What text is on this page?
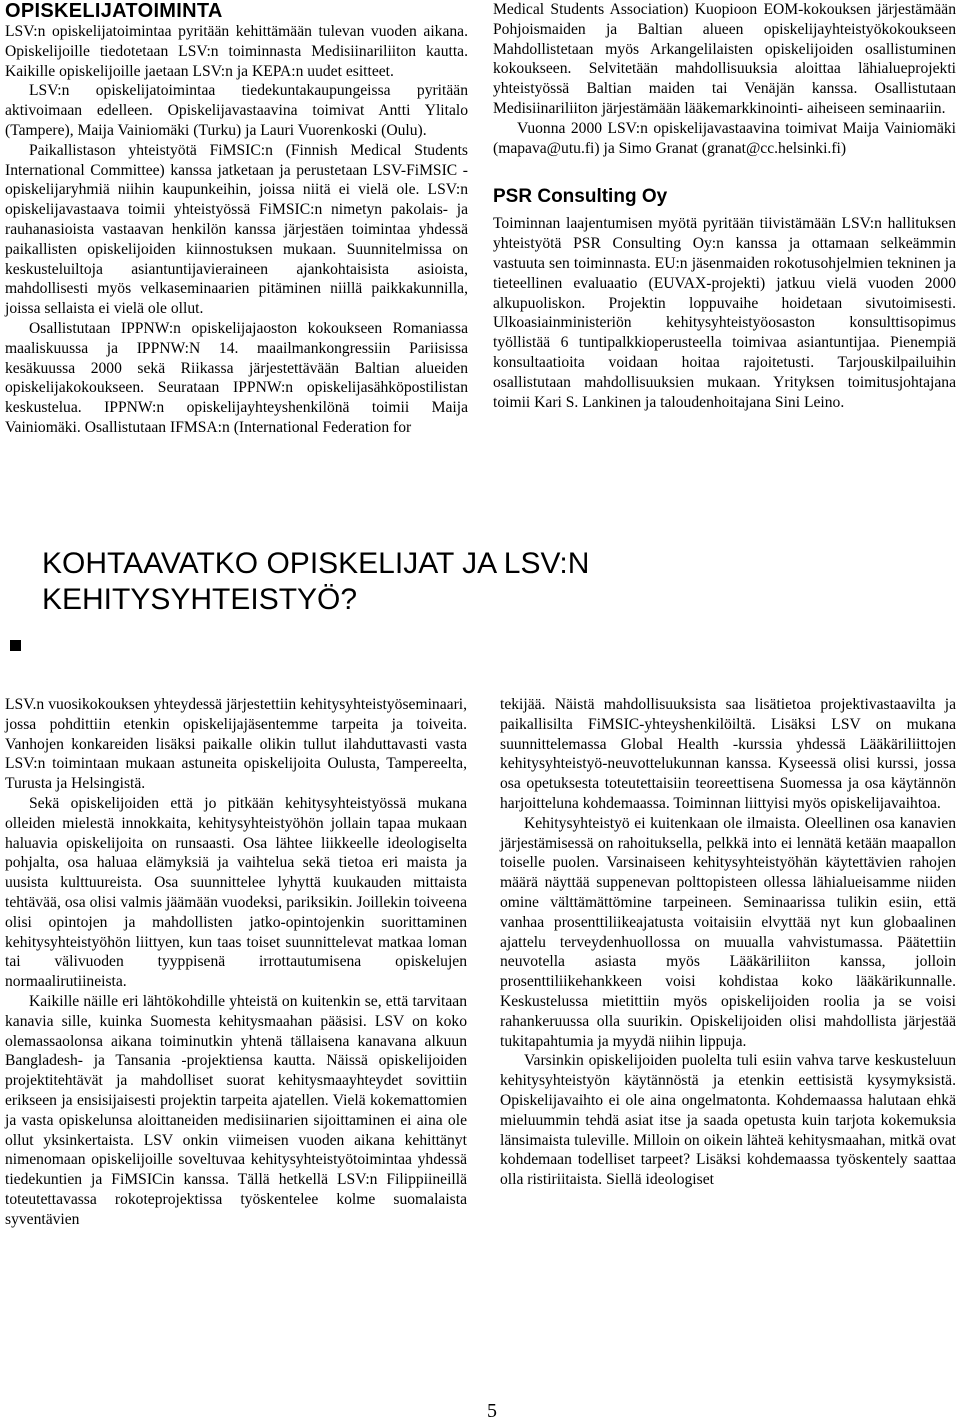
OPISKELIJATOIMINTA

LSV:n opiskelijatoimintaa pyritään kehittämään tulevan vuoden aikana. Opiskelijoille tiedotetaan LSV:n toiminnasta Medisiinariliiton kautta. Kaikille opiskelijoille jaetaan LSV:n ja KEPA:n uudet esitteet.

LSV:n opiskelijatoimintaa tiedekuntakaupungeissa pyritään aktivoimaan edelleen. Opiskelijavastaavina toimivat Antti Ylitalo (Tampere), Maija Vainiomäki (Turku) ja Lauri Vuorenkoski (Oulu).

Paikallistason yhteistyötä FiMSIC:n (Finnish Medical Students International Committee) kanssa jatketaan ja perustetaan LSV-FiMSIC - opiskelijaryhmiä niihin kaupunkeihin, joissa niitä ei vielä ole. LSV:n opiskelijavastaava toimii yhteistyössä FiMSIC:n nimetyn pakolais- ja rauhanasioista vastaavan henkilön kanssa järjestäen toimintaa yhdessä paikallisten opiskelijoiden kiinnostuksen mukaan. Suunnitelmissa on keskusteluiltoja asiantuntijavieraineen ajankohtaisista asioista, mahdollisesti myös velkaseminaarien pitäminen niillä paikkakunnilla, joissa sellaista ei vielä ole ollut.

Osallistutaan IPPNW:n opiskelijajaoston kokoukseen Romaniassa maaliskuussa ja IPPNW:N 14. maailmankongressiin Pariisissa kesäkuussa 2000 sekä Riikassa järjestettävään Baltian alueiden opiskelijakokoukseen. Seurataan IPPNW:n opiskelijasähköpostilistan keskustelua. IPPNW:n opiskelijayhteyshenkilönä toimii Maija Vainiomäki. Osallistutaan IFMSA:n (International Federation for

Medical Students Association) Kuopioon EOM-kokouksen järjestämään Pohjoismaiden ja Baltian alueen opiskelijayhteistyökokoukseen Mahdollistetaan myös Arkangelilaisten opiskelijoiden osallistuminen kokoukseen. Selvitetään mahdollisuuksia aloittaa lähialueprojekti yhteistyössä Baltian maiden tai Venäjän kanssa. Osallistutaan Medisiinariliiton järjestämään lääkemarkkinointi- aiheiseen seminaariin.

Vuonna 2000 LSV:n opiskelijavastaavina toimivat Maija Vainiomäki (mapava@utu.fi) ja Simo Granat (granat@cc.helsinki.fi)

PSR Consulting Oy

Toiminnan laajentumisen myötä pyritään tiivistämään LSV:n hallituksen yhteistyötä PSR Consulting Oy:n kanssa ja ottamaan selkeämmin vastuuta sen toiminnasta. EU:n jäsenmaiden rokotusohjelmien tekninen ja tieteellinen evaluaatio (EUVAX-projekti) jatkuu vielä vuoden 2000 alkupuoliskon. Projektin loppuvaihe hoidetaan sivutoimisesti. Ulkoasiainministeriön kehitysyhteistyöosaston konsulttisopimus työllistää 6 tuntipalkkioperusteella toimivaa asiantuntijaa. Pienempiä konsultaatioita voidaan hoitaa rajoitetusti. Tarjouskilpailuihin osallistutaan mahdollisuuksien mukaan. Yrityksen toimitusjohtajana toimii Kari S. Lankinen ja taloudenhoitajana Sini Leino.

KOHTAAVATKO OPISKELIJAT JA LSV:N
KEHITYSYHTEISTYÖ?

LSV.n vuosikokouksen yhteydessä järjestettiin kehitysyhteistyöseminaari, jossa pohdittiin etenkin opiskelijajäsentemme tarpeita ja toiveita. Vanhojen konkareiden lisäksi paikalle olikin tullut ilahduttavasti vasta LSV:n toimintaan mukaan astuneita opiskelijoita Oulusta, Tampereelta, Turusta ja Helsingistä.

Sekä opiskelijoiden että jo pitkään kehitysyhteistyössä mukana olleiden mielestä innokkaita, kehitysyhteistyöhön jollain tapaa mukaan haluavia opiskelijoita on runsaasti. Osa lähtee liikkeelle ideologiselta pohjalta, osa haluaa elämyksiä ja vaihtelua sekä tietoa eri maista ja uusista kulttuureista. Osa suunnittelee lyhyttä kuukauden mittaista tehtävää, osa olisi valmis jäämään vuodeksi, pariksikin. Joillekin toiveena olisi opintojen ja mahdollisten jatko-opintojenkin suorittaminen kehitysyhteistyöhön liittyen, kun taas toiset suunnittelevat matkaa loman tai välivuoden tyyppisenä irrottautumisena opiskelujen normaalirutiineista.

Kaikille näille eri lähtökohdille yhteistä on kuitenkin se, että tarvitaan kanavia sille, kuinka Suomesta kehitysmaahan pääsisi. LSV on koko olemassaolonsa aikana toiminutkin yhtenä tällaisena kanavana alkuun Bangladesh- ja Tansania -projektiensa kautta. Näissä opiskelijoiden projektitehtävät ja mahdolliset suorat kehitysmaayhteydet sovittiin erikseen ja ensisijaisesti projektin tarpeita ajatellen. Vielä kokemattomien ja vasta opiskelunsa aloittaneiden medisiinarien sijoittaminen ei aina ole ollut yksinkertaista. LSV onkin viimeisen vuoden aikana kehittänyt nimenomaan opiskelijoille soveltuvaa kehitysyhteistyötoimintaa yhdessä tiedekuntien ja FiMSICin kanssa. Tällä hetkellä LSV:n Filippiineillä toteutettavassa rokoteprojektissa työskentelee kolme suomalaista syventävien

tekijää. Näistä mahdollisuuksista saa lisätietoa projektivastaavilta ja paikallisilta FiMSIC-yhteyshenkilöiltä. Lisäksi LSV on mukana suunnittelemassa Global Health -kurssia yhdessä Lääkäriliittojen kehitysyhteistyö-neuvottelukunnan kanssa. Kyseessä olisi kurssi, jossa osa opetuksesta toteutettaisiin teoreettisena Suomessa ja osa käytännön harjoitteluna kohdemaassa. Toiminnan liittyisi myös opiskelijavaihtoa.

Kehitysyhteistyö ei kuitenkaan ole ilmaista. Oleellinen osa kanavien järjestämisessä on rahoituksella, pelkkä into ei lennätä ketään maapallon toiselle puolen. Varsinaiseen kehitysyhteistyöhän käytettävien rahojen määrä näyttää suppenevan polttopisteen ollessa lähialueisamme niiden omine välttämättömine tarpeineen. Seminaarissa tulikin esiin, että vanhaa prosenttiliikeajatusta voitaisiin elvyttää nyt kun globaalinen ajattelu terveydenhuollossa on muualla vahvistumassa. Päätettiin neuvotella asiasta myös Lääkäriliiton kanssa, jolloin prosenttiliikehankkeen voisi kohdistaa koko lääkärikunnalle. Keskustelussa mietittiin myös opiskelijoiden roolia ja se voisi rahankeruussa olla suurikin. Opiskelijoiden olisi mahdollista järjestää tukitapahtumia ja myydä niihin lippuja.

Varsinkin opiskelijoiden puolelta tuli esiin vahva tarve keskusteluun kehitysyhteistyön käytännöstä ja etenkin eettisistä kysymyksistä. Opiskelijavaihto ei ole aina ongelmatonta. Kohdemaassa halutaan ehkä mieluummin tehdä asiat itse ja saada opetusta kuin tarjota kokemuksia länsimaista tuleville. Milloin on oikein lähteä kehitysmaahan, mitkä ovat kohdemaan todelliset tarpeet? Lisäksi kohdemaassa työskentely saattaa olla ristiriitaista. Siellä ideologiset

5
